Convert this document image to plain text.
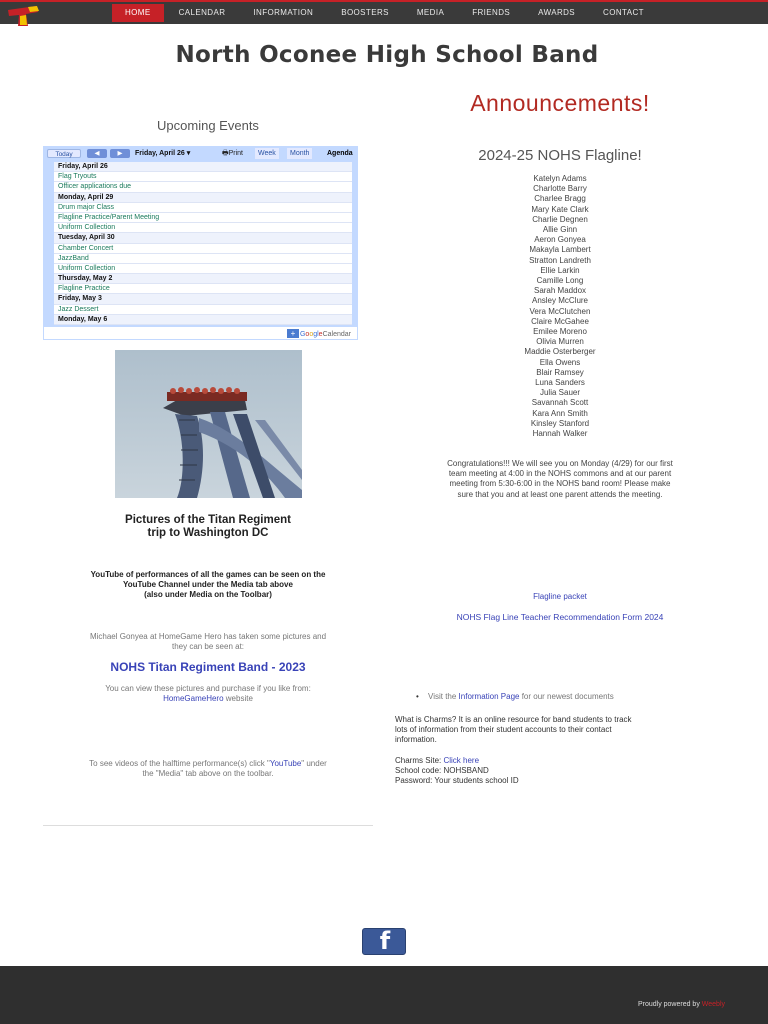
HOME	CALENDAR	INFORMATION	BOOSTERS	MEDIA	FRIENDS	AWARDS	CONTACT
North Oconee High School Band
Upcoming Events
Today	◀	▶	Friday, April 26 ▾	🖶Print	Week	Month	Agenda
Friday, April 26
Flag Tryouts
Officer applications due
Monday, April 29
Drum major Class
Flagline Practice/Parent Meeting
Uniform Collection
Tuesday, April 30
Chamber Concert
JazzBand
Uniform Collection
Thursday, May 2
Flagline Practice
Friday, May 3
Jazz Dessert
Monday, May 6
+ GoogleCalendar
Pictures of the Titan Regiment
trip to Washington DC
YouTube of performances of all the games can be seen on the
YouTube Channel under the Media tab above
(also under Media on the Toolbar)
Michael Gonyea at HomeGame Hero has taken some pictures and
they can be seen at:
NOHS Titan Regiment Band - 2023
You can view these pictures and purchase if you like from:
HomeGameHero website
To see videos of the halftime performance(s) click "YouTube" under
the "Media" tab above on the toolbar.
Announcements!
2024-25 NOHS Flagline!
Katelyn Adams
Charlotte Barry
Charlee Bragg
Mary Kate Clark
Charlie Degnen
Allie Ginn
Aeron Gonyea
Makayla Lambert
Stratton Landreth
Ellie Larkin
Camille Long
Sarah Maddox
Ansley McClure
Vera McClutchen
Claire McGahee
Emilee Moreno
Olivia Murren
Maddie Osterberger
Ella Owens
Blair Ramsey
Luna Sanders
Julia Sauer
Savannah Scott
Kara Ann Smith
Kinsley Stanford
Hannah Walker
Congratulations!!! We will see you on Monday (4/29) for our first
team meeting at 4:00 in the NOHS commons and at our parent
meeting from 5:30-6:00 in the NOHS band room! Please make
sure that you and at least one parent attends the meeting.
Flagline packet
NOHS Flag Line Teacher Recommendation Form 2024
• Visit the Information Page for our newest documents
What is Charms? It is an online resource for band students to track
lots of information from their student accounts to their contact
information.
Charms Site: Click here
School code: NOHSBAND
Password: Your students school ID
f
Proudly powered by Weebly
